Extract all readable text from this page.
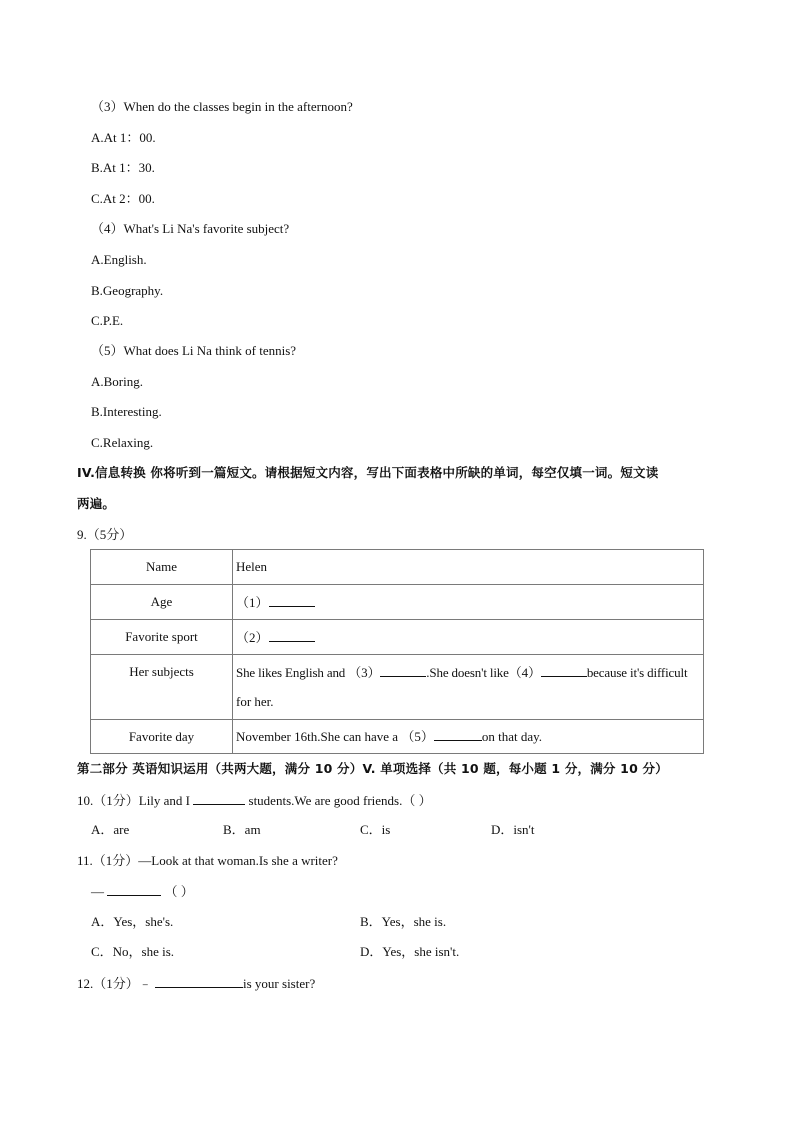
（3）When do the classes begin in the afternoon?
A.At 1：00.
B.At 1：30.
C.At 2：00.
（4）What's Li Na's favorite subject?
A.English.
B.Geography.
C.P.E.
（5）What does Li Na think of tennis?
A.Boring.
B.Interesting.
C.Relaxing.
IV.信息转换 你将听到一篇短文。请根据短文内容，写出下面表格中所缺的单词，每空仅填一词。短文读
两遍。
9.（5分）
Name	Helen
Age	（1）
Favorite sport	（2）
Her subjects	She likes English and （3） .She doesn't like（4） because it's difficult
for her.

Favorite day	November 16th.She can have a （5） on that day.
第二部分 英语知识运用（共两大题，满分 10 分）V. 单项选择（共 10 题，每小题 1 分，满分 10 分）
10.（1分）Lily and I	students.We are good friends.（ ）
A．are	B．am	C．is	D．isn't
11.（1分）—Look at that woman.Is she a writer?
—	（ ）
A．Yes，she's.	B．Yes，she is.
C．No，she is.	D．Yes，she isn't.
12.（1分）﹣	is your sister?
